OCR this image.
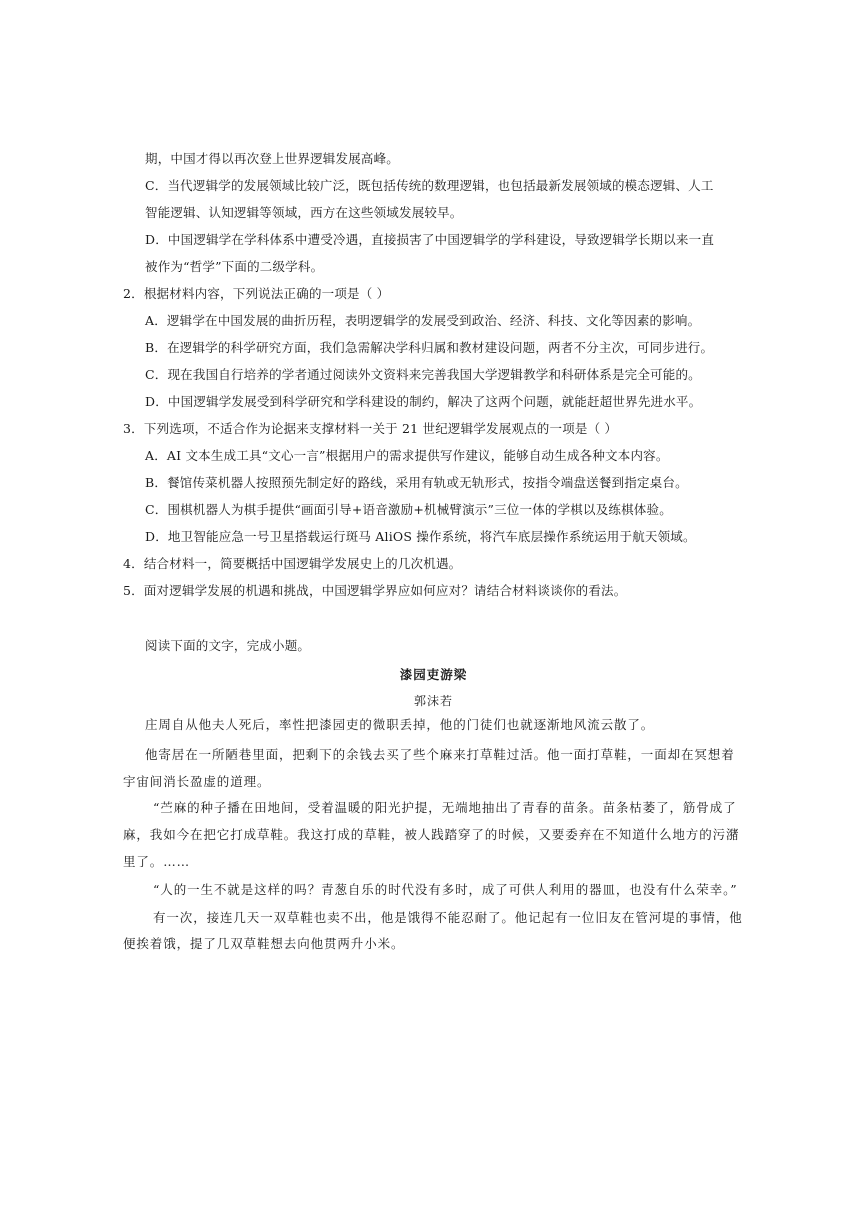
期，中国才得以再次登上世界逻辑发展高峰。
C．当代逻辑学的发展领域比较广泛，既包括传统的数理逻辑，也包括最新发展领域的模态逻辑、人工
智能逻辑、认知逻辑等领域，西方在这些领域发展较早。
D．中国逻辑学在学科体系中遭受冷遇，直接损害了中国逻辑学的学科建设，导致逻辑学长期以来一直
被作为“哲学”下面的二级学科。
2．根据材料内容，下列说法正确的一项是（ ）
A．逻辑学在中国发展的曲折历程，表明逻辑学的发展受到政治、经济、科技、文化等因素的影响。
B．在逻辑学的科学研究方面，我们急需解决学科归属和教材建设问题，两者不分主次，可同步进行。
C．现在我国自行培养的学者通过阅读外文资料来完善我国大学逻辑教学和科研体系是完全可能的。
D．中国逻辑学发展受到科学研究和学科建设的制约，解决了这两个问题，就能赶超世界先进水平。
3．下列选项，不适合作为论据来支撑材料一关于 21 世纪逻辑学发展观点的一项是（ ）
A．AI 文本生成工具“文心一言”根据用户的需求提供写作建议，能够自动生成各种文本内容。
B．餐馆传菜机器人按照预先制定好的路线，采用有轨或无轨形式，按指令端盘送餐到指定桌台。
C．围棋机器人为棋手提供“画面引导+语音激励+机械臂演示”三位一体的学棋以及练棋体验。
D．地卫智能应急一号卫星搭载运行斑马 AliOS 操作系统，将汽车底层操作系统运用于航天领域。
4．结合材料一，简要概括中国逻辑学发展史上的几次机遇。
5．面对逻辑学发展的机遇和挑战，中国逻辑学界应如何应对？请结合材料谈谈你的看法。
阅读下面的文字，完成小题。
漆园吏游梁
郭沫若
庄周自从他夫人死后，率性把漆园吏的微职丢掉，他的门徒们也就逐渐地风流云散了。
他寄居在一所陋巷里面，把剩下的余钱去买了些个麻来打草鞋过活。他一面打草鞋，一面却在冥想着
宇宙间消长盈虚的道理。
“苎麻的种子播在田地间，受着温暖的阳光护提，无端地抽出了青春的苗条。苗条枯萎了，筋骨成了
麻，我如今在把它打成草鞋。我这打成的草鞋，被人践踏穿了的时候，又要委弃在不知道什么地方的污潴
里了。……
“人的一生不就是这样的吗？青葱自乐的时代没有多时，成了可供人利用的器皿，也没有什么荣幸。”
有一次，接连几天一双草鞋也卖不出，他是饿得不能忍耐了。他记起有一位旧友在管河堤的事情，他
便挨着饿，提了几双草鞋想去向他贯两升小米。
